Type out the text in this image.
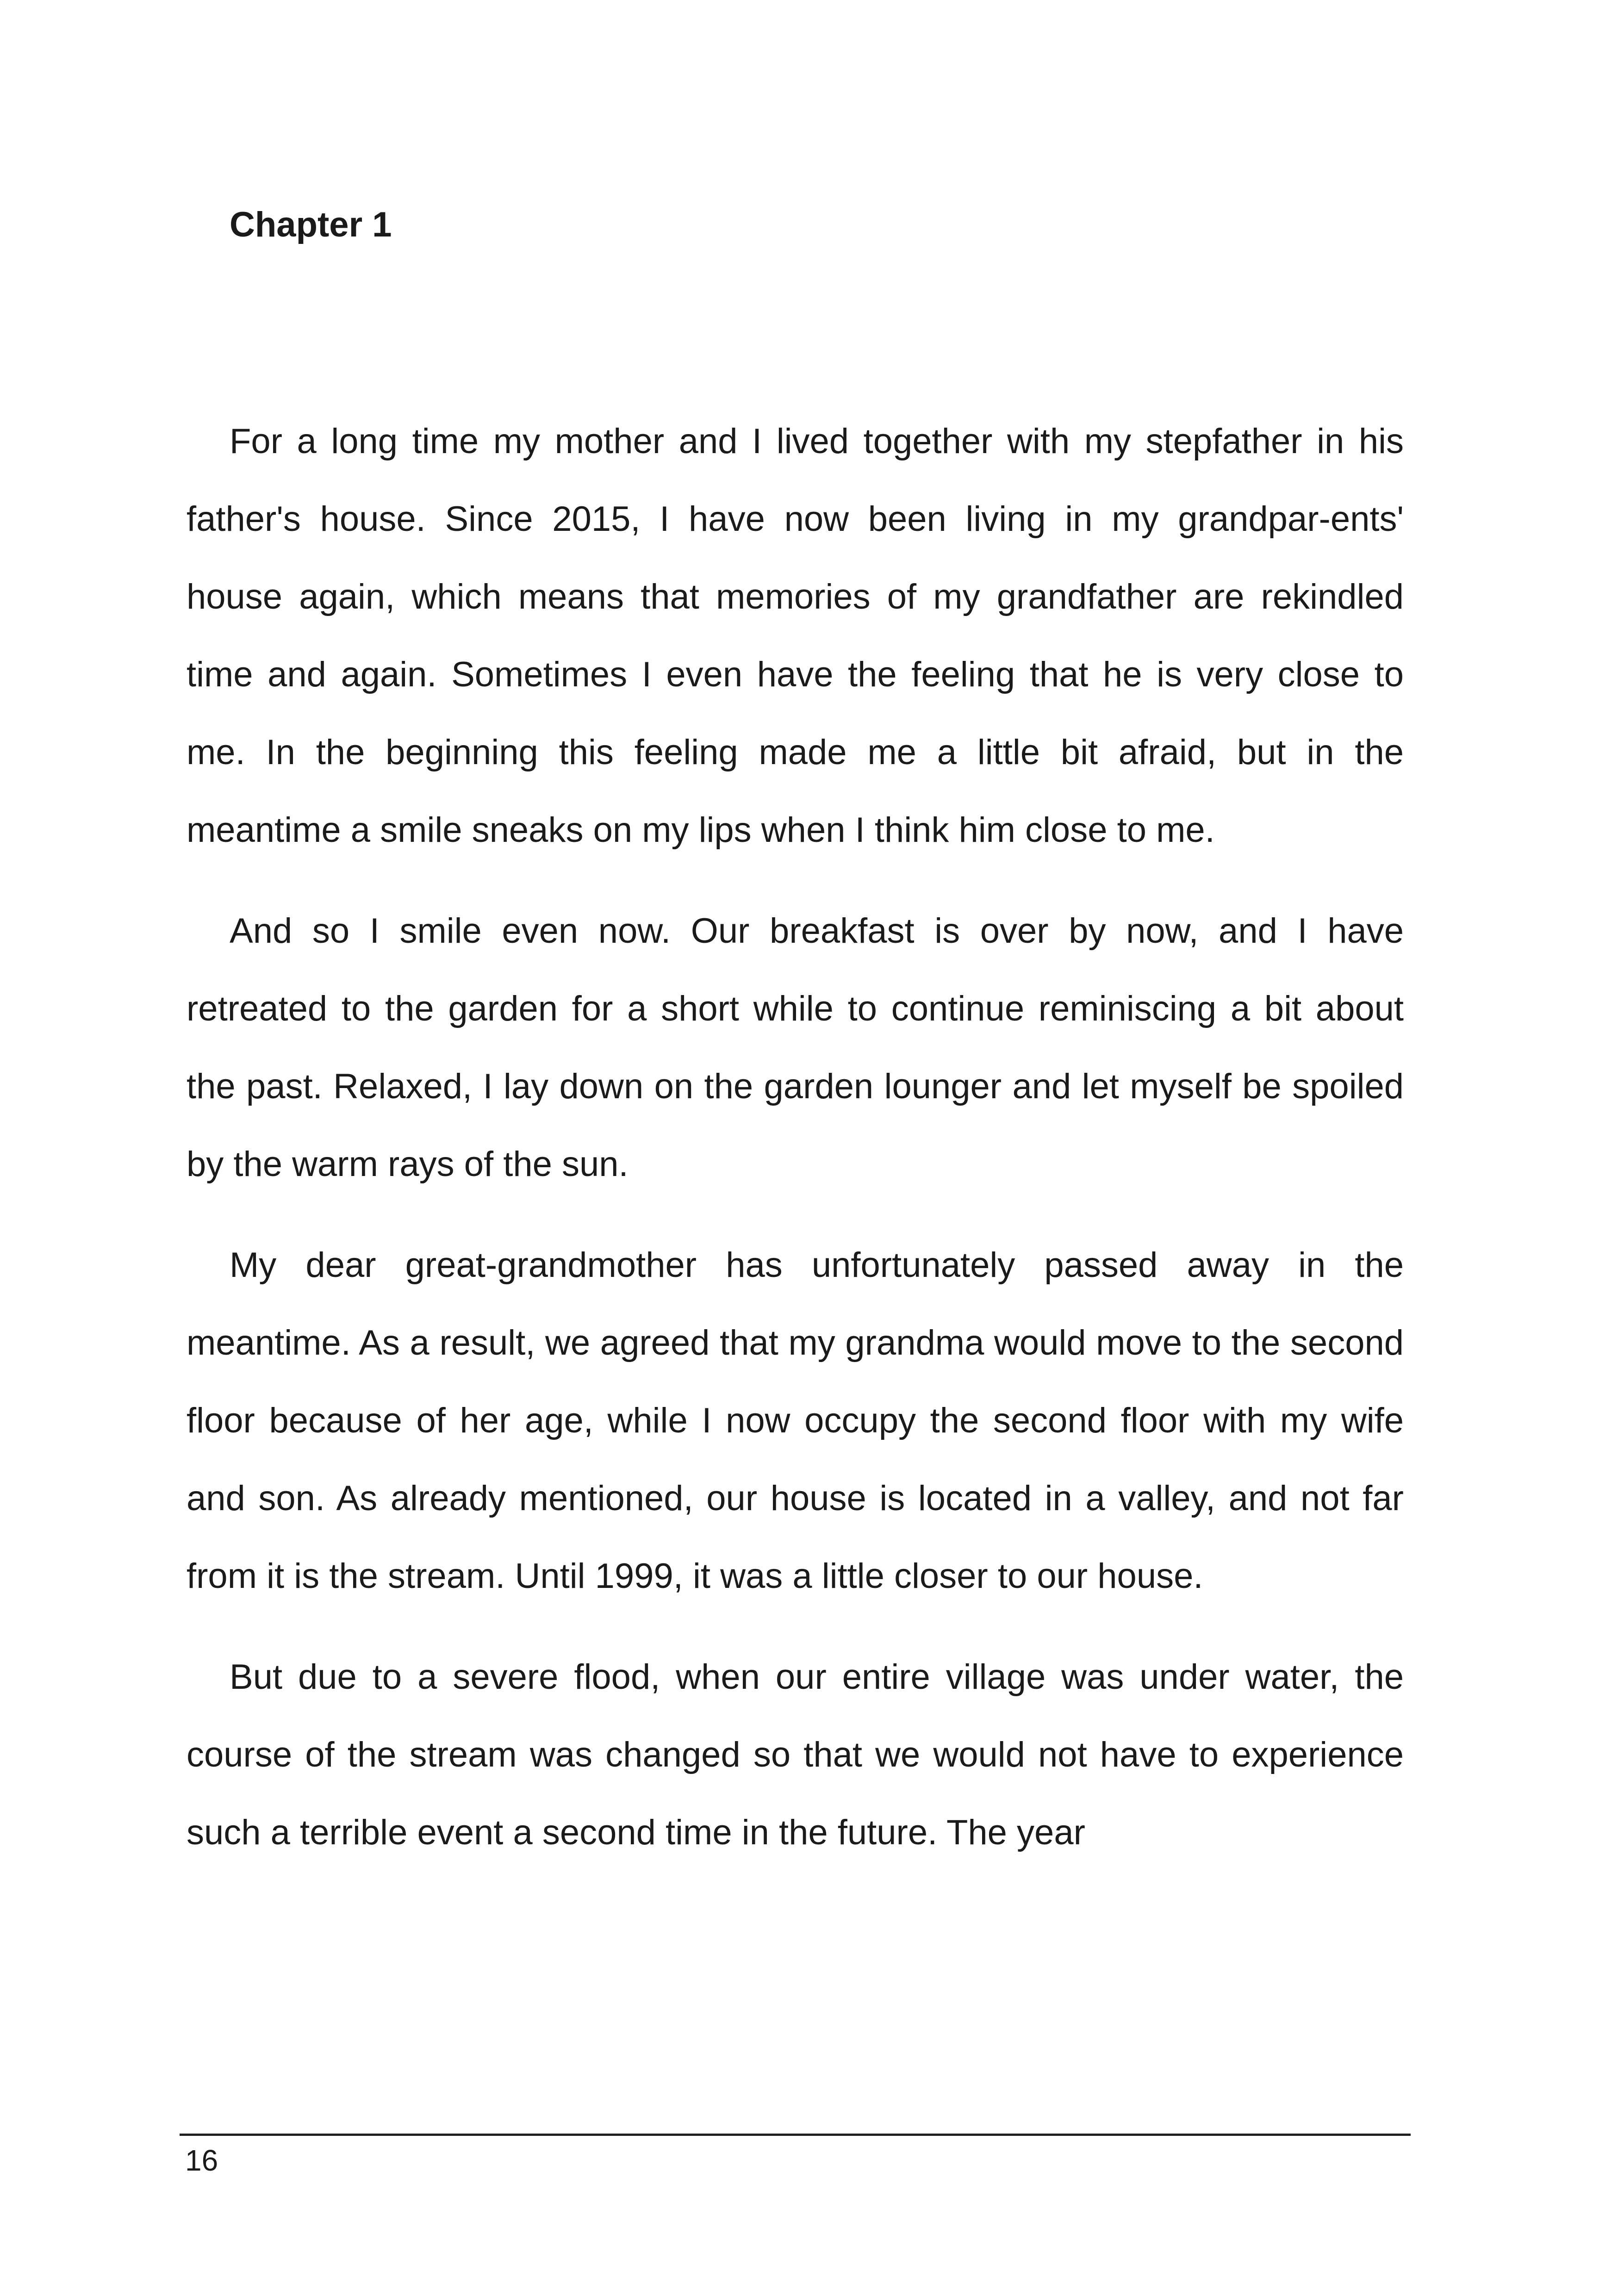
Chapter 1

For a long time my mother and I lived together with my stepfather in his father's house. Since 2015, I have now been living in my grandpar-ents' house again, which means that memories of my grandfather are rekindled time and again. Sometimes I even have the feeling that he is very close to me. In the beginning this feeling made me a little bit afraid, but in the meantime a smile sneaks on my lips when I think him close to me.

And so I smile even now. Our breakfast is over by now, and I have retreated to the garden for a short while to continue reminiscing a bit about the past. Relaxed, I lay down on the garden lounger and let myself be spoiled by the warm rays of the sun.

My dear great-grandmother has unfortunately passed away in the meantime. As a result, we agreed that my grandma would move to the second floor because of her age, while I now occupy the second floor with my wife and son. As already mentioned, our house is located in a valley, and not far from it is the stream. Until 1999, it was a little closer to our house.

But due to a severe flood, when our entire village was under water, the course of the stream was changed so that we would not have to experience such a terrible event a second time in the future. The year

16
